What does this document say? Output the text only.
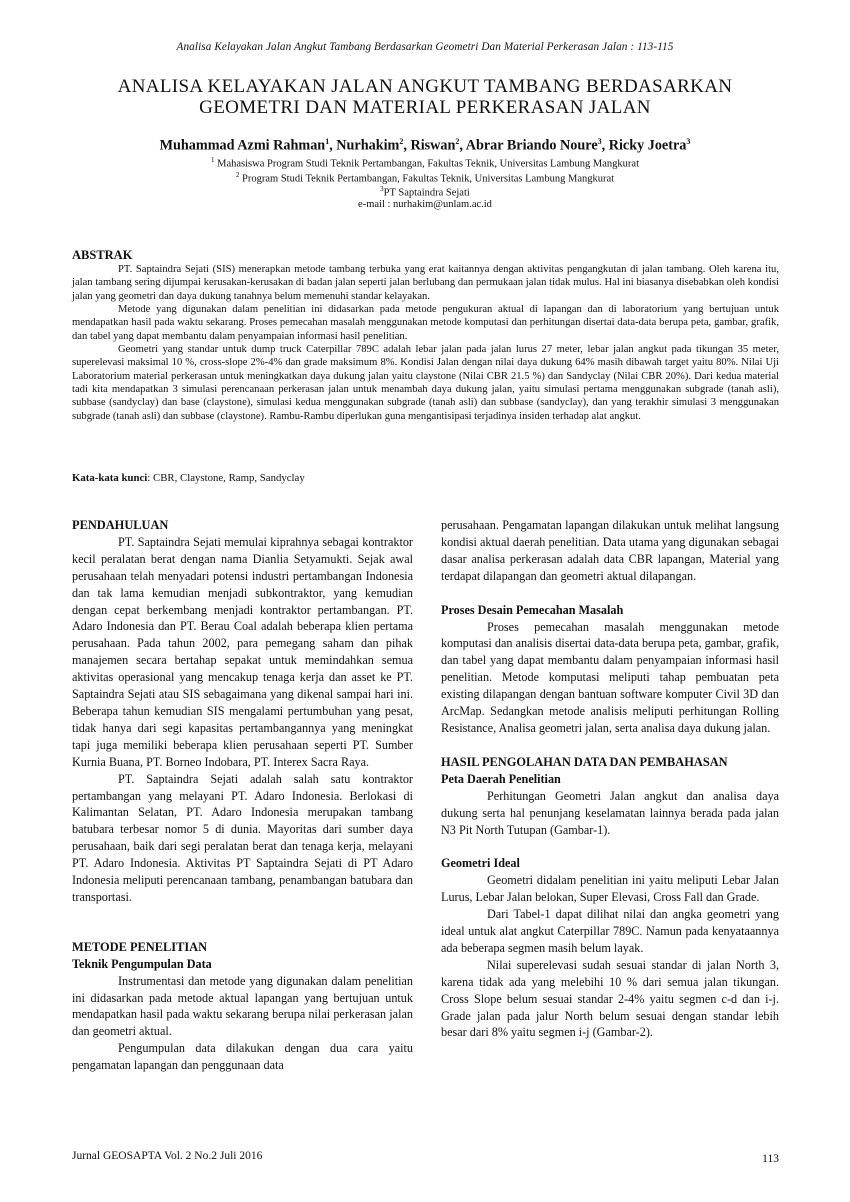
Analisa Kelayakan Jalan Angkut Tambang Berdasarkan Geometri Dan Material Perkerasan Jalan : 113-115
ANALISA KELAYAKAN JALAN ANGKUT TAMBANG BERDASARKAN
GEOMETRI DAN MATERIAL PERKERASAN JALAN
Muhammad Azmi Rahman$^1$, Nurhakim$^2$, Riswan$^2$, Abrar Briando Noure$^3$, Ricky Joetra$^3$
$^1$ Mahasiswa Program Studi Teknik Pertambangan, Fakultas Teknik, Universitas Lambung Mangkurat
$^2$ Program Studi Teknik Pertambangan, Fakultas Teknik, Universitas Lambung Mangkurat
$^3$PT Saptaindra Sejati
e-mail : nurhakim@unlam.ac.id
ABSTRAK

PT. Saptaindra Sejati (SIS) menerapkan metode tambang terbuka yang erat kaitannya dengan aktivitas pengangkutan di jalan tambang. Oleh karena itu, jalan tambang sering dijumpai kerusakan-kerusakan di badan jalan seperti jalan berlubang dan permukaan jalan tidak mulus. Hal ini biasanya disebabkan oleh kondisi jalan yang geometri dan daya dukung tanahnya belum memenuhi standar kelayakan.

Metode yang digunakan dalam penelitian ini didasarkan pada metode pengukuran aktual di lapangan dan di laboratorium yang bertujuan untuk mendapatkan hasil pada waktu sekarang. Proses pemecahan masalah menggunakan metode komputasi dan perhitungan disertai data-data berupa peta, gambar, grafik, dan tabel yang dapat membantu dalam penyampaian informasi hasil penelitian.

Geometri yang standar untuk dump truck Caterpillar 789C adalah lebar jalan pada jalan lurus 27 meter, lebar jalan angkut pada tikungan 35 meter, superelevasi maksimal 10 %, cross-slope 2%-4% dan grade maksimum 8%. Kondisi Jalan dengan nilai daya dukung 64% masih dibawah target yaitu 80%. Nilai Uji Laboratorium material perkerasan untuk meningkatkan daya dukung jalan yaitu claystone (Nilai CBR 21.5 %) dan Sandyclay (Nilai CBR 20%). Dari kedua material tadi kita mendapatkan 3 simulasi perencanaan perkerasan jalan untuk menambah daya dukung jalan, yaitu simulasi pertama menggunakan subgrade (tanah asli), subbase (sandyclay) dan base (claystone), simulasi kedua menggunakan subgrade (tanah asli) dan subbase (sandyclay), dan yang terakhir simulasi 3 menggunakan subgrade (tanah asli) dan subbase (claystone). Rambu-Rambu diperlukan guna mengantisipasi terjadinya insiden terhadap alat angkut.

Kata-kata kunci: CBR, Claystone, Ramp, Sandyclay

PENDAHULUAN

PT. Saptaindra Sejati memulai kiprahnya sebagai kontraktor kecil peralatan berat dengan nama Dianlia Setyamukti. Sejak awal perusahaan telah menyadari potensi industri pertambangan Indonesia dan tak lama kemudian menjadi subkontraktor, yang kemudian dengan cepat berkembang menjadi kontraktor pertambangan. PT. Adaro Indonesia dan PT. Berau Coal adalah beberapa klien pertama perusahaan. Pada tahun 2002, para pemegang saham dan pihak manajemen secara bertahap sepakat untuk memindahkan semua aktivitas operasional yang mencakup tenaga kerja dan asset ke PT. Saptaindra Sejati atau SIS sebagaimana yang dikenal sampai hari ini. Beberapa tahun kemudian SIS mengalami pertumbuhan yang pesat, tidak hanya dari segi kapasitas pertambangannya yang meningkat tapi juga memiliki beberapa klien perusahaan seperti PT. Sumber Kurnia Buana, PT. Borneo Indobara, PT. Interex Sacra Raya.

PT. Saptaindra Sejati adalah salah satu kontraktor pertambangan yang melayani PT. Adaro Indonesia. Berlokasi di Kalimantan Selatan, PT. Adaro Indonesia merupakan tambang batubara terbesar nomor 5 di dunia. Mayoritas dari sumber daya perusahaan, baik dari segi peralatan berat dan tenaga kerja, melayani PT. Adaro Indonesia. Aktivitas PT Saptaindra Sejati di PT Adaro Indonesia meliputi perencanaan tambang, penambangan batubara dan transportasi.

METODE PENELITIAN

Teknik Pengumpulan Data

Instrumentasi dan metode yang digunakan dalam penelitian ini didasarkan pada metode aktual lapangan yang bertujuan untuk mendapatkan hasil pada waktu sekarang berupa nilai perkerasan jalan dan geometri aktual.

Pengumpulan data dilakukan dengan dua cara yaitu pengamatan lapangan dan penggunaan data

perusahaan. Pengamatan lapangan dilakukan untuk melihat langsung kondisi aktual daerah penelitian. Data utama yang digunakan sebagai dasar analisa perkerasan adalah data CBR lapangan, Material yang terdapat dilapangan dan geometri aktual dilapangan.

Proses Desain Pemecahan Masalah

Proses pemecahan masalah menggunakan metode komputasi dan analisis disertai data-data berupa peta, gambar, grafik, dan tabel yang dapat membantu dalam penyampaian informasi hasil penelitian. Metode komputasi meliputi tahap pembuatan peta existing dilapangan dengan bantuan software komputer Civil 3D dan ArcMap. Sedangkan metode analisis meliputi perhitungan Rolling Resistance, Analisa geometri jalan, serta analisa daya dukung jalan.

HASIL PENGOLAHAN DATA DAN PEMBAHASAN

Peta Daerah Penelitian

Perhitungan Geometri Jalan angkut dan analisa daya dukung serta hal penunjang keselamatan lainnya berada pada jalan N3 Pit North Tutupan (Gambar-1).

Geometri Ideal

Geometri didalam penelitian ini yaitu meliputi Lebar Jalan Lurus, Lebar Jalan belokan, Super Elevasi, Cross Fall dan Grade.

Dari Tabel-1 dapat dilihat nilai dan angka geometri yang ideal untuk alat angkut Caterpillar 789C. Namun pada kenyataannya ada beberapa segmen masih belum layak.

Nilai superelevasi sudah sesuai standar di jalan North 3, karena tidak ada yang melebihi 10 % dari semua jalan tikungan. Cross Slope belum sesuai standar 2-4% yaitu segmen c-d dan i-j. Grade jalan pada jalur North belum sesuai dengan standar lebih besar dari 8% yaitu segmen i-j (Gambar-2).

Jurnal GEOSAPTA Vol. 2 No.2 Juli 2016	113
